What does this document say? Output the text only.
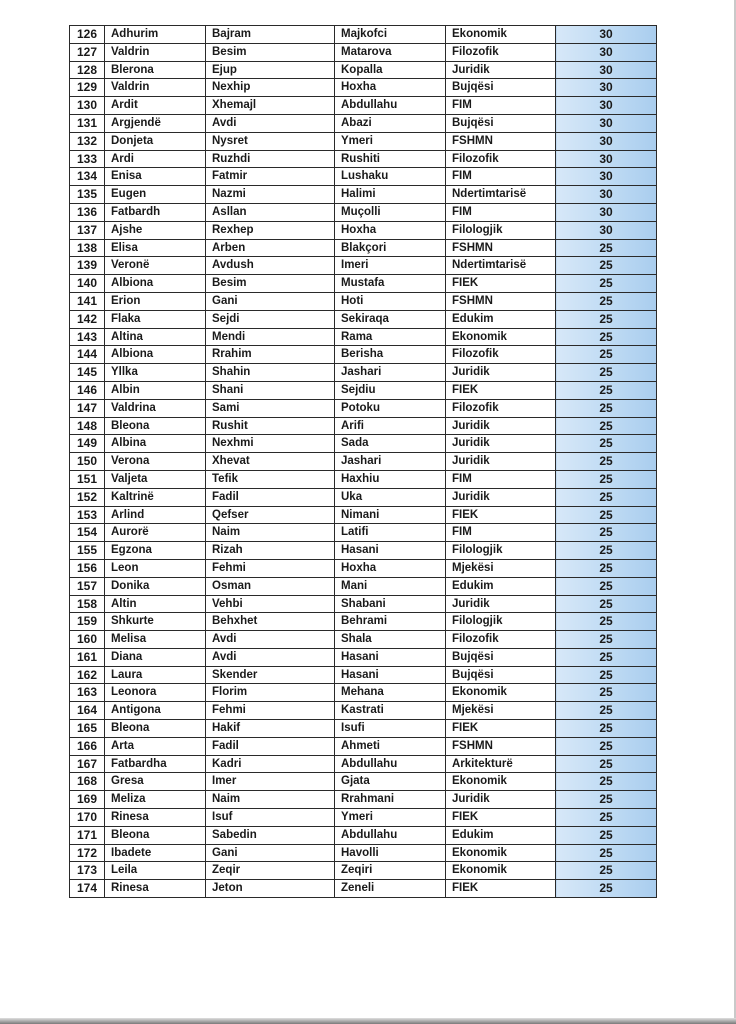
126	Adhurim	Bajram	Majkofci	Ekonomik	30
127	Valdrin	Besim	Matarova	Filozofik	30
128	Blerona	Ejup	Kopalla	Juridik	30
129	Valdrin	Nexhip	Hoxha	Bujqësi	30
130	Ardit	Xhemajl	Abdullahu	FIM	30
131	Argjendë	Avdi	Abazi	Bujqësi	30
132	Donjeta	Nysret	Ymeri	FSHMN	30
133	Ardi	Ruzhdi	Rushiti	Filozofik	30
134	Enisa	Fatmir	Lushaku	FIM	30
135	Eugen	Nazmi	Halimi	Ndertimtarisë	30
136	Fatbardh	Asllan	Muçolli	FIM	30
137	Ajshe	Rexhep	Hoxha	Filologjik	30
138	Elisa	Arben	Blakçori	FSHMN	25
139	Veronë	Avdush	Imeri	Ndertimtarisë	25
140	Albiona	Besim	Mustafa	FIEK	25
141	Erion	Gani	Hoti	FSHMN	25
142	Flaka	Sejdi	Sekiraqa	Edukim	25
143	Altina	Mendi	Rama	Ekonomik	25
144	Albiona	Rrahim	Berisha	Filozofik	25
145	Yllka	Shahin	Jashari	Juridik	25
146	Albin	Shani	Sejdiu	FIEK	25
147	Valdrina	Sami	Potoku	Filozofik	25
148	Bleona	Rushit	Arifi	Juridik	25
149	Albina	Nexhmi	Sada	Juridik	25
150	Verona	Xhevat	Jashari	Juridik	25
151	Valjeta	Tefik	Haxhiu	FIM	25
152	Kaltrinë	Fadil	Uka	Juridik	25
153	Arlind	Qefser	Nimani	FIEK	25
154	Aurorë	Naim	Latifi	FIM	25
155	Egzona	Rizah	Hasani	Filologjik	25
156	Leon	Fehmi	Hoxha	Mjekësi	25
157	Donika	Osman	Mani	Edukim	25
158	Altin	Vehbi	Shabani	Juridik	25
159	Shkurte	Behxhet	Behrami	Filologjik	25
160	Melisa	Avdi	Shala	Filozofik	25
161	Diana	Avdi	Hasani	Bujqësi	25
162	Laura	Skender	Hasani	Bujqësi	25
163	Leonora	Florim	Mehana	Ekonomik	25
164	Antigona	Fehmi	Kastrati	Mjekësi	25
165	Bleona	Hakif	Isufi	FIEK	25
166	Arta	Fadil	Ahmeti	FSHMN	25
167	Fatbardha	Kadri	Abdullahu	Arkitekturë	25
168	Gresa	Imer	Gjata	Ekonomik	25
169	Meliza	Naim	Rrahmani	Juridik	25
170	Rinesa	Isuf	Ymeri	FIEK	25
171	Bleona	Sabedin	Abdullahu	Edukim	25
172	Ibadete	Gani	Havolli	Ekonomik	25
173	Leila	Zeqir	Zeqiri	Ekonomik	25
174	Rinesa	Jeton	Zeneli	FIEK	25
